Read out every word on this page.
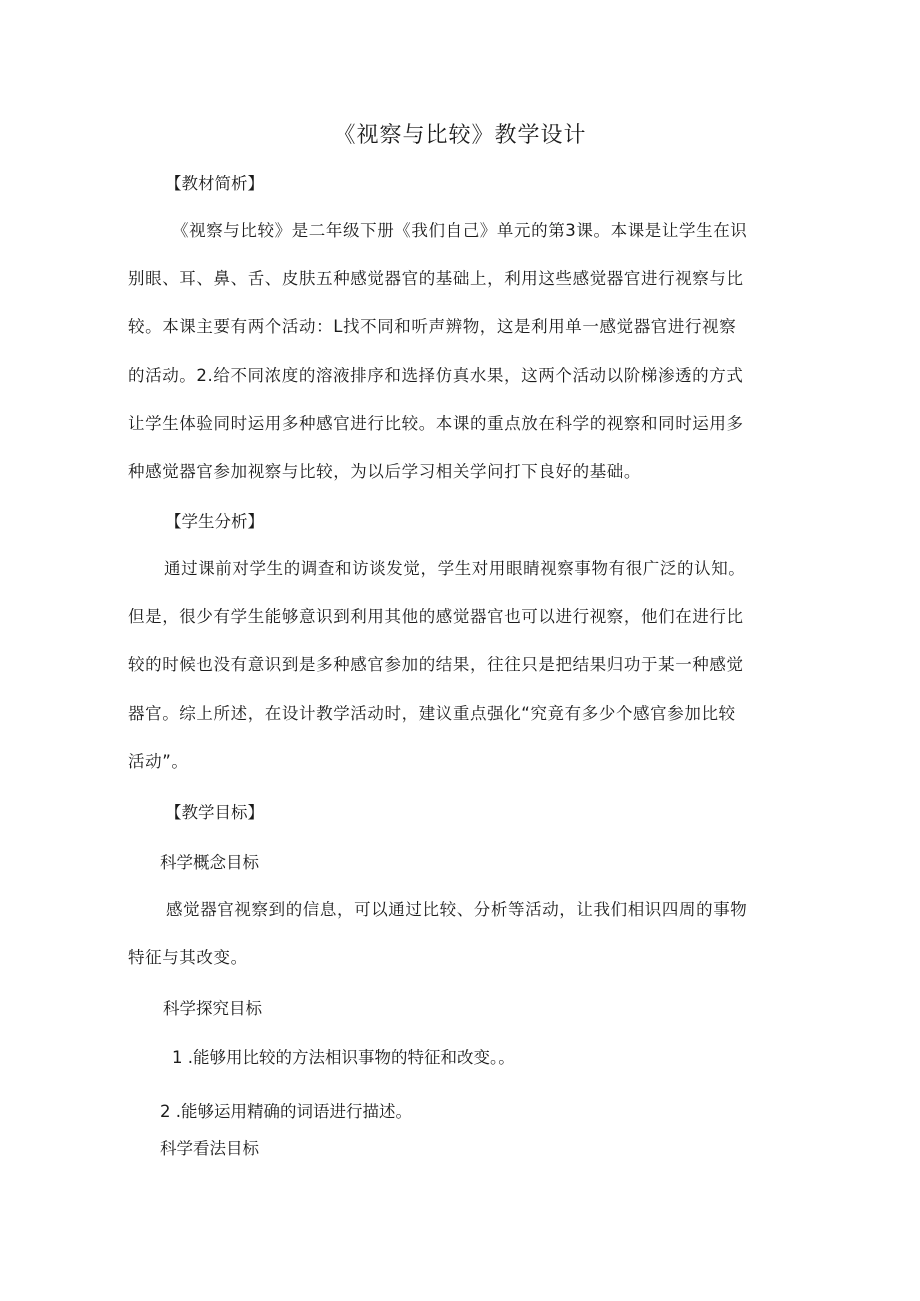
《视察与比较》教学设计
【教材简析】
《视察与比较》是二年级下册《我们自己》单元的第3课。本课是让学生在识
别眼、耳、鼻、舌、皮肤五种感觉器官的基础上，利用这些感觉器官进行视察与比
较。本课主要有两个活动：L找不同和听声辨物，这是利用单一感觉器官进行视察
的活动。2.给不同浓度的溶液排序和选择仿真水果，这两个活动以阶梯渗透的方式
让学生体验同时运用多种感官进行比较。本课的重点放在科学的视察和同时运用多
种感觉器官参加视察与比较，为以后学习相关学问打下良好的基础。
【学生分析】
通过课前对学生的调查和访谈发觉，学生对用眼睛视察事物有很广泛的认知。
但是，很少有学生能够意识到利用其他的感觉器官也可以进行视察，他们在进行比
较的时候也没有意识到是多种感官参加的结果，往往只是把结果归功于某一种感觉
器官。综上所述，在设计教学活动时，建议重点强化“究竟有多少个感官参加比较
活动”。
【教学目标】
科学概念目标
感觉器官视察到的信息，可以通过比较、分析等活动，让我们相识四周的事物
特征与其改变。
科学探究目标
1 .能够用比较的方法相识事物的特征和改变。。
2 .能够运用精确的词语进行描述。
科学看法目标
